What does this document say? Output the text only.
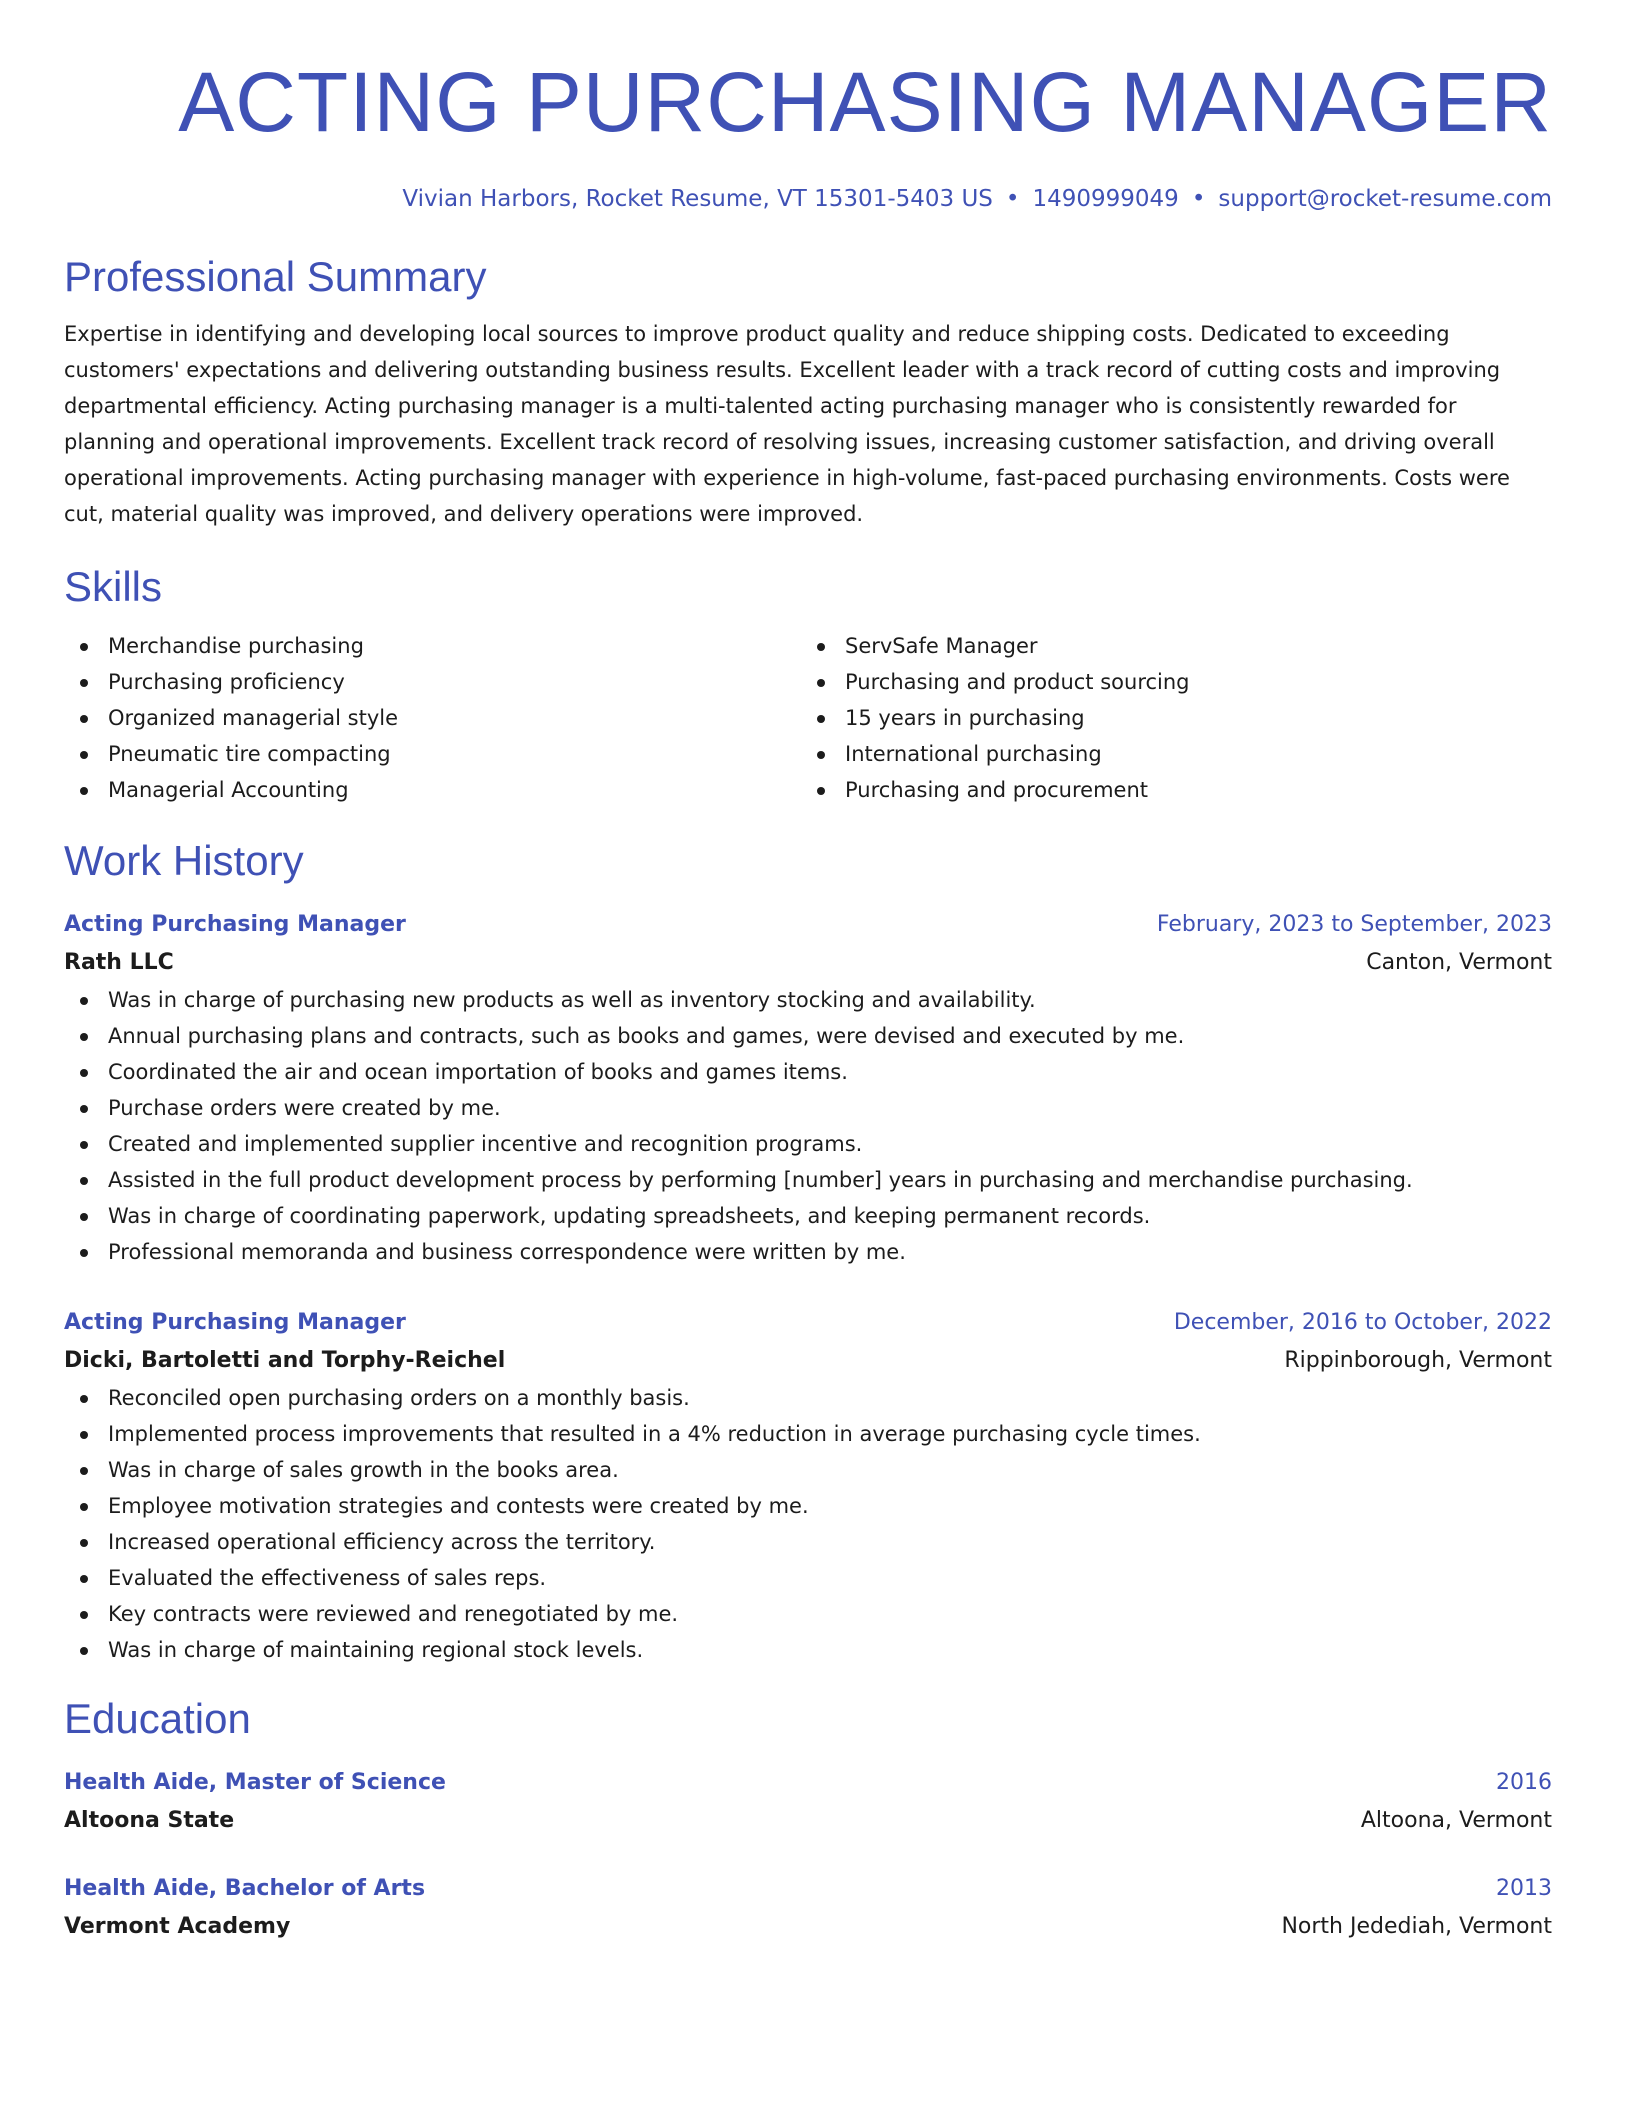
ACTING PURCHASING MANAGER
Vivian Harbors, Rocket Resume, VT 15301-5403 US • 1490999049 • support@rocket-resume.com
Professional Summary
Expertise in identifying and developing local sources to improve product quality and reduce shipping costs. Dedicated to exceeding customers' expectations and delivering outstanding business results. Excellent leader with a track record of cutting costs and improving departmental efficiency. Acting purchasing manager is a multi-talented acting purchasing manager who is consistently rewarded for planning and operational improvements. Excellent track record of resolving issues, increasing customer satisfaction, and driving overall operational improvements. Acting purchasing manager with experience in high-volume, fast-paced purchasing environments. Costs were cut, material quality was improved, and delivery operations were improved.
Skills
Merchandise purchasing
Purchasing proficiency
Organized managerial style
Pneumatic tire compacting
Managerial Accounting
ServSafe Manager
Purchasing and product sourcing
15 years in purchasing
International purchasing
Purchasing and procurement
Work History
Acting Purchasing Manager	February, 2023 to September, 2023
Rath LLC	Canton, Vermont
Was in charge of purchasing new products as well as inventory stocking and availability.
Annual purchasing plans and contracts, such as books and games, were devised and executed by me.
Coordinated the air and ocean importation of books and games items.
Purchase orders were created by me.
Created and implemented supplier incentive and recognition programs.
Assisted in the full product development process by performing [number] years in purchasing and merchandise purchasing.
Was in charge of coordinating paperwork, updating spreadsheets, and keeping permanent records.
Professional memoranda and business correspondence were written by me.
Acting Purchasing Manager	December, 2016 to October, 2022
Dicki, Bartoletti and Torphy-Reichel	Rippinborough, Vermont
Reconciled open purchasing orders on a monthly basis.
Implemented process improvements that resulted in a 4% reduction in average purchasing cycle times.
Was in charge of sales growth in the books area.
Employee motivation strategies and contests were created by me.
Increased operational efficiency across the territory.
Evaluated the effectiveness of sales reps.
Key contracts were reviewed and renegotiated by me.
Was in charge of maintaining regional stock levels.
Education
Health Aide, Master of Science	2016
Altoona State	Altoona, Vermont
Health Aide, Bachelor of Arts	2013
Vermont Academy	North Jedediah, Vermont
